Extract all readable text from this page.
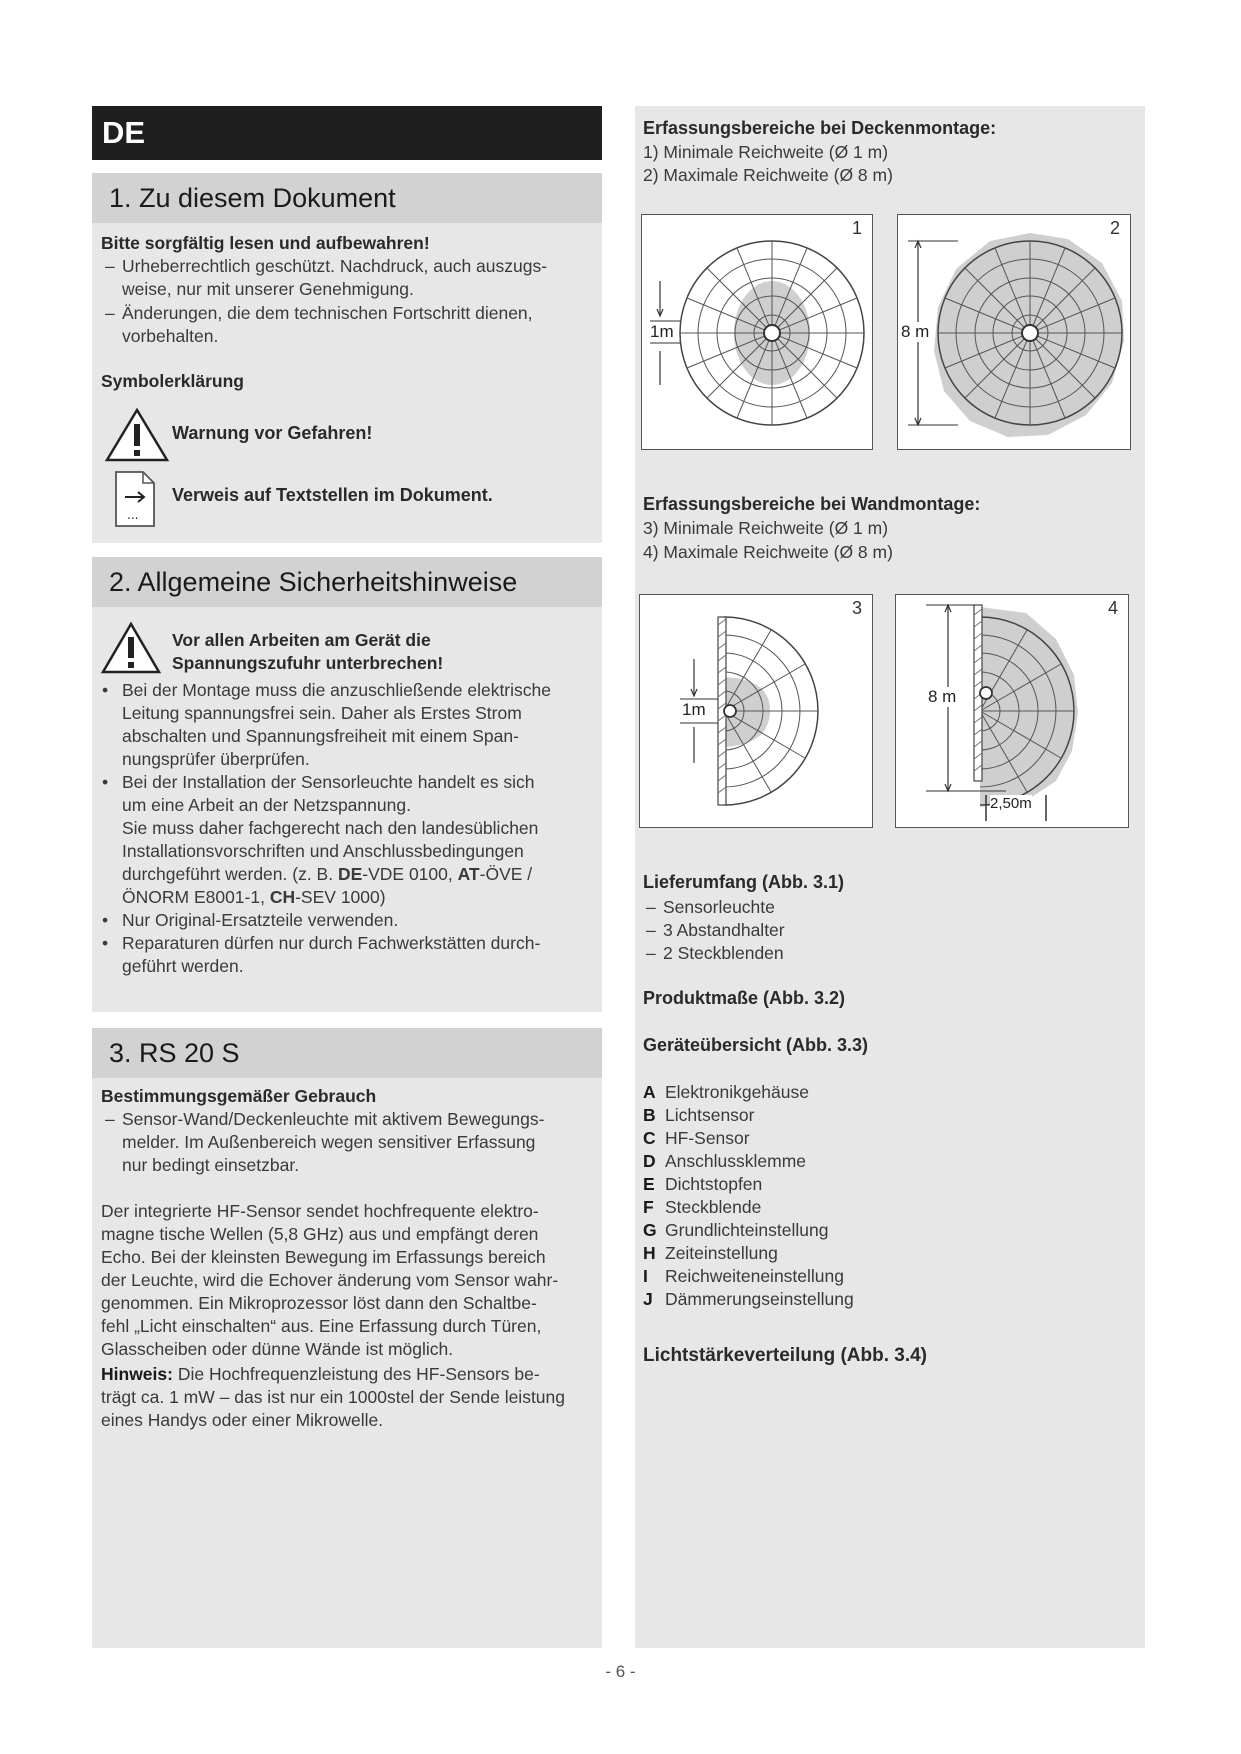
DE
1. Zu diesem Dokument
Bitte sorgfältig lesen und aufbewahren!
– Urheberrechtlich geschützt. Nachdruck, auch auszugs-
weise, nur mit unserer Genehmigung.
– Änderungen, die dem technischen Fortschritt dienen,
vorbehalten.
Symbolerklärung
Warnung vor Gefahren!
...
Verweis auf Textstellen im Dokument.
2. Allgemeine Sicherheitshinweise
Vor allen Arbeiten am Gerät die
Spannungszufuhr unterbrechen!
• Bei der Montage muss die anzuschließende elektrische
Leitung spannungsfrei sein. Daher als Erstes Strom
abschalten und Spannungsfreiheit mit einem Span-
nungsprüfer überprüfen.
• Bei der Installation der Sensorleuchte handelt es sich
um eine Arbeit an der Netzspannung.
Sie muss daher fachgerecht nach den landesüblichen
Installationsvorschriften und Anschlussbedingungen
durchgeführt werden. (z. B. DE-VDE 0100, AT-ÖVE /
ÖNORM E8001-1, CH-SEV 1000)
• Nur Original-Ersatzteile verwenden.
• Reparaturen dürfen nur durch Fachwerkstätten durch-
geführt werden.
3. RS 20 S
Bestimmungsgemäßer Gebrauch
– Sensor-Wand/Deckenleuchte mit aktivem Bewegungs-
melder. Im Außenbereich wegen sensitiver Erfassung
nur bedingt einsetzbar.
Der integrierte HF-Sensor sendet hochfrequente elektro-
magne tische Wellen (5,8 GHz) aus und empfängt deren
Echo. Bei der kleinsten Bewegung im Erfassungs bereich
der Leuchte, wird die Echover änderung vom Sensor wahr-
genommen. Ein Mikroprozessor löst dann den Schaltbe-
fehl „Licht einschalten“ aus. Eine Erfassung durch Türen,
Glasscheiben oder dünne Wände ist möglich.
Hinweis: Die Hochfrequenzleistung des HF-Sensors be-
trägt ca. 1 mW – das ist nur ein 1000stel der Sende leistung
eines Handys oder einer Mikrowelle.
Erfassungsbereiche bei Deckenmontage:
1) Minimale Reichweite (Ø 1 m)
2) Maximale Reichweite (Ø 8 m)
1
1m
2
8 m
Erfassungsbereiche bei Wandmontage:
3) Minimale Reichweite (Ø 1 m)
4) Maximale Reichweite (Ø 8 m)
3
1m
4
8 m
2,50m
Lieferumfang (Abb. 3.1)
– Sensorleuchte
– 3 Abstandhalter
– 2 Steckblenden
Produktmaße (Abb. 3.2)
Geräteübersicht (Abb. 3.3)
A Elektronikgehäuse
B Lichtsensor
C HF-Sensor
D Anschlussklemme
E Dichtstopfen
F Steckblende
G Grundlichteinstellung
H Zeiteinstellung
I Reichweiteneinstellung
J Dämmerungseinstellung
Lichtstärkeverteilung (Abb. 3.4)
- 6 -
